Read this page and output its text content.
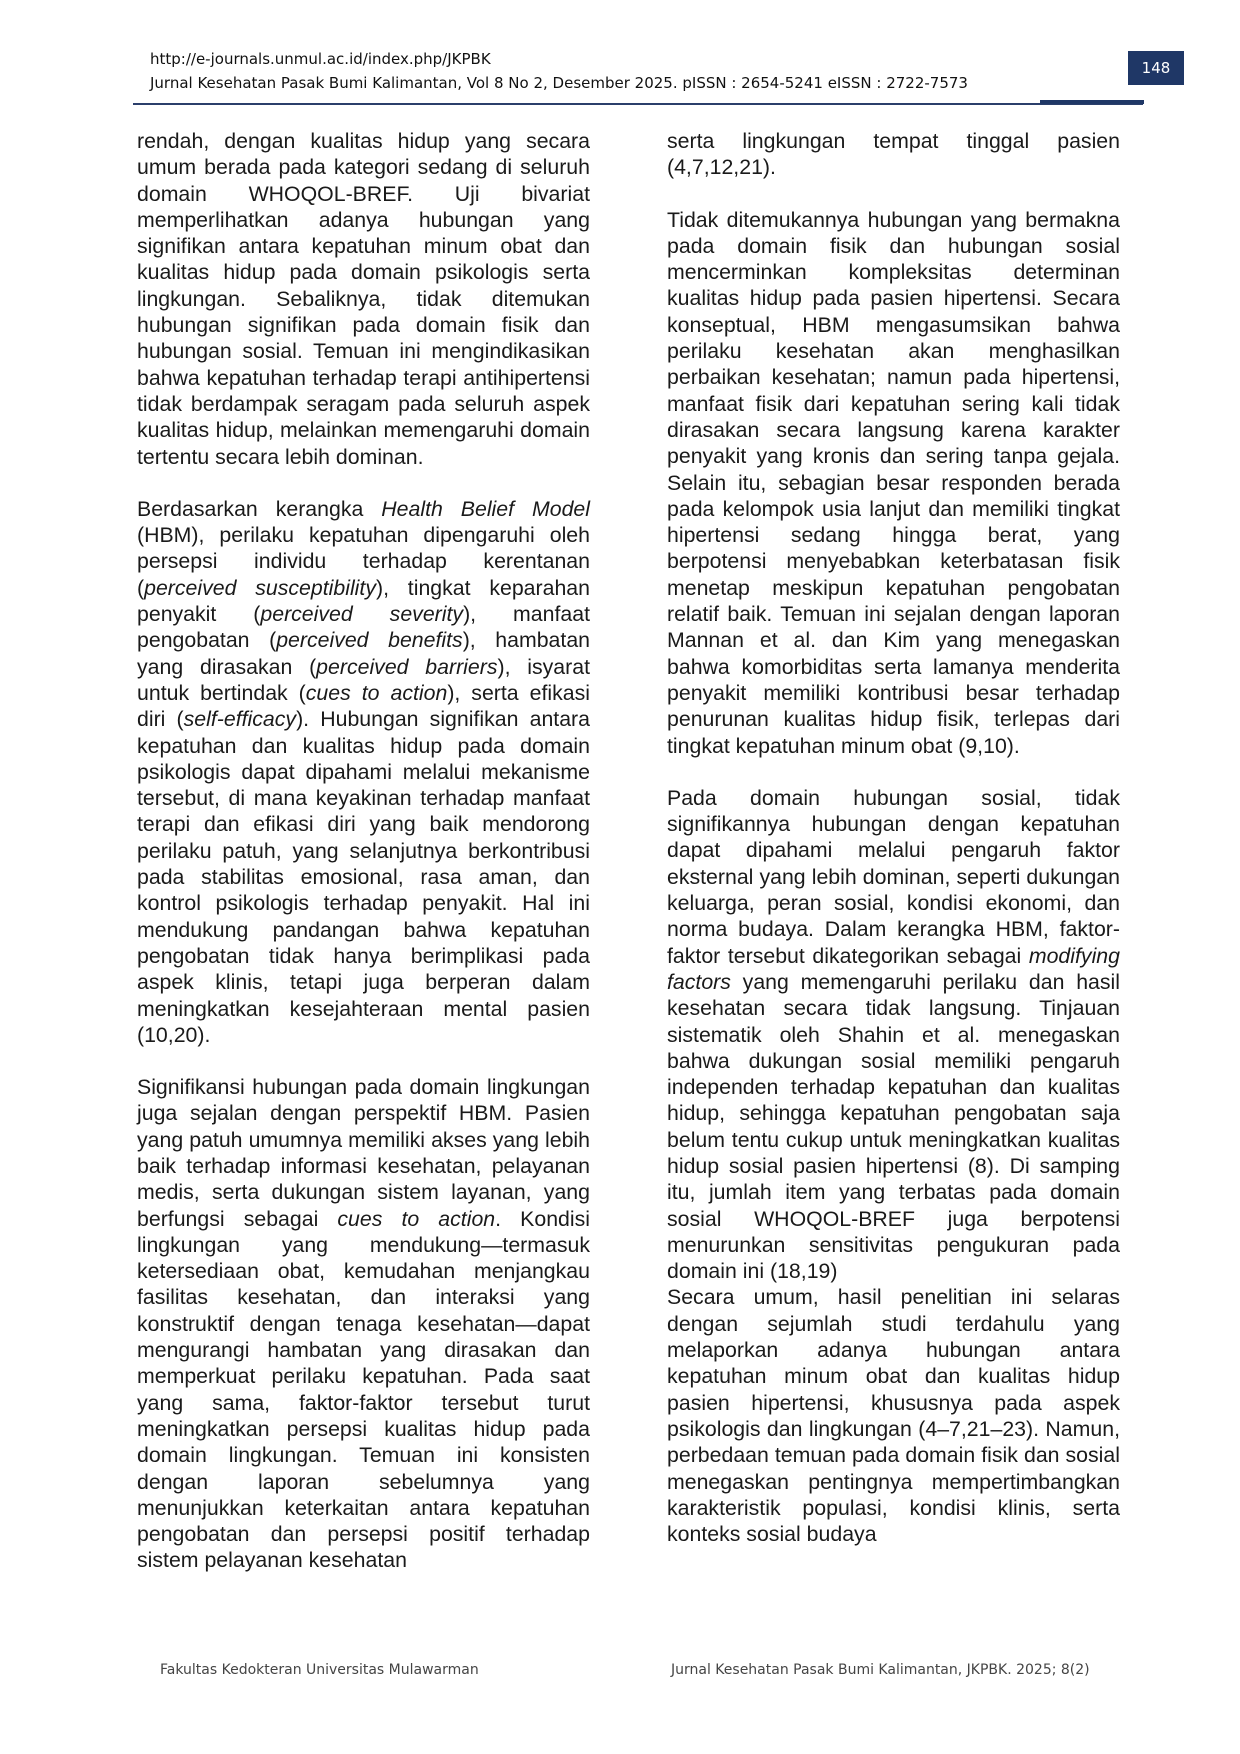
http://e-journals.unmul.ac.id/index.php/JKPBK
Jurnal Kesehatan Pasak Bumi Kalimantan, Vol 8 No 2, Desember 2025. pISSN : 2654-5241 eISSN : 2722-7573
148

rendah, dengan kualitas hidup yang secara umum berada pada kategori sedang di seluruh domain WHOQOL-BREF. Uji bivariat memperlihatkan adanya hubungan yang signifikan antara kepatuhan minum obat dan kualitas hidup pada domain psikologis serta lingkungan. Sebaliknya, tidak ditemukan hubungan signifikan pada domain fisik dan hubungan sosial. Temuan ini mengindikasikan bahwa kepatuhan terhadap terapi antihipertensi tidak berdampak seragam pada seluruh aspek kualitas hidup, melainkan memengaruhi domain tertentu secara lebih dominan.

Berdasarkan kerangka Health Belief Model (HBM), perilaku kepatuhan dipengaruhi oleh persepsi individu terhadap kerentanan (perceived susceptibility), tingkat keparahan penyakit (perceived severity), manfaat pengobatan (perceived benefits), hambatan yang dirasakan (perceived barriers), isyarat untuk bertindak (cues to action), serta efikasi diri (self-efficacy). Hubungan signifikan antara kepatuhan dan kualitas hidup pada domain psikologis dapat dipahami melalui mekanisme tersebut, di mana keyakinan terhadap manfaat terapi dan efikasi diri yang baik mendorong perilaku patuh, yang selanjutnya berkontribusi pada stabilitas emosional, rasa aman, dan kontrol psikologis terhadap penyakit. Hal ini mendukung pandangan bahwa kepatuhan pengobatan tidak hanya berimplikasi pada aspek klinis, tetapi juga berperan dalam meningkatkan kesejahteraan mental pasien (10,20).

Signifikansi hubungan pada domain lingkungan juga sejalan dengan perspektif HBM. Pasien yang patuh umumnya memiliki akses yang lebih baik terhadap informasi kesehatan, pelayanan medis, serta dukungan sistem layanan, yang berfungsi sebagai cues to action. Kondisi lingkungan yang mendukung—termasuk ketersediaan obat, kemudahan menjangkau fasilitas kesehatan, dan interaksi yang konstruktif dengan tenaga kesehatan—dapat mengurangi hambatan yang dirasakan dan memperkuat perilaku kepatuhan. Pada saat yang sama, faktor-faktor tersebut turut meningkatkan persepsi kualitas hidup pada domain lingkungan. Temuan ini konsisten dengan laporan sebelumnya yang menunjukkan keterkaitan antara kepatuhan pengobatan dan persepsi positif terhadap sistem pelayanan kesehatan

serta lingkungan tempat tinggal pasien (4,7,12,21).

Tidak ditemukannya hubungan yang bermakna pada domain fisik dan hubungan sosial mencerminkan kompleksitas determinan kualitas hidup pada pasien hipertensi. Secara konseptual, HBM mengasumsikan bahwa perilaku kesehatan akan menghasilkan perbaikan kesehatan; namun pada hipertensi, manfaat fisik dari kepatuhan sering kali tidak dirasakan secara langsung karena karakter penyakit yang kronis dan sering tanpa gejala. Selain itu, sebagian besar responden berada pada kelompok usia lanjut dan memiliki tingkat hipertensi sedang hingga berat, yang berpotensi menyebabkan keterbatasan fisik menetap meskipun kepatuhan pengobatan relatif baik. Temuan ini sejalan dengan laporan Mannan et al. dan Kim yang menegaskan bahwa komorbiditas serta lamanya menderita penyakit memiliki kontribusi besar terhadap penurunan kualitas hidup fisik, terlepas dari tingkat kepatuhan minum obat (9,10).

Pada domain hubungan sosial, tidak signifikannya hubungan dengan kepatuhan dapat dipahami melalui pengaruh faktor eksternal yang lebih dominan, seperti dukungan keluarga, peran sosial, kondisi ekonomi, dan norma budaya. Dalam kerangka HBM, faktor-faktor tersebut dikategorikan sebagai modifying factors yang memengaruhi perilaku dan hasil kesehatan secara tidak langsung. Tinjauan sistematik oleh Shahin et al. menegaskan bahwa dukungan sosial memiliki pengaruh independen terhadap kepatuhan dan kualitas hidup, sehingga kepatuhan pengobatan saja belum tentu cukup untuk meningkatkan kualitas hidup sosial pasien hipertensi (8). Di samping itu, jumlah item yang terbatas pada domain sosial WHOQOL-BREF juga berpotensi menurunkan sensitivitas pengukuran pada domain ini (18,19)

Secara umum, hasil penelitian ini selaras dengan sejumlah studi terdahulu yang melaporkan adanya hubungan antara kepatuhan minum obat dan kualitas hidup pasien hipertensi, khususnya pada aspek psikologis dan lingkungan (4–7,21–23). Namun, perbedaan temuan pada domain fisik dan sosial menegaskan pentingnya mempertimbangkan karakteristik populasi, kondisi klinis, serta konteks sosial budaya

Fakultas Kedokteran Universitas Mulawarman	Jurnal Kesehatan Pasak Bumi Kalimantan, JKPBK. 2025; 8(2)
